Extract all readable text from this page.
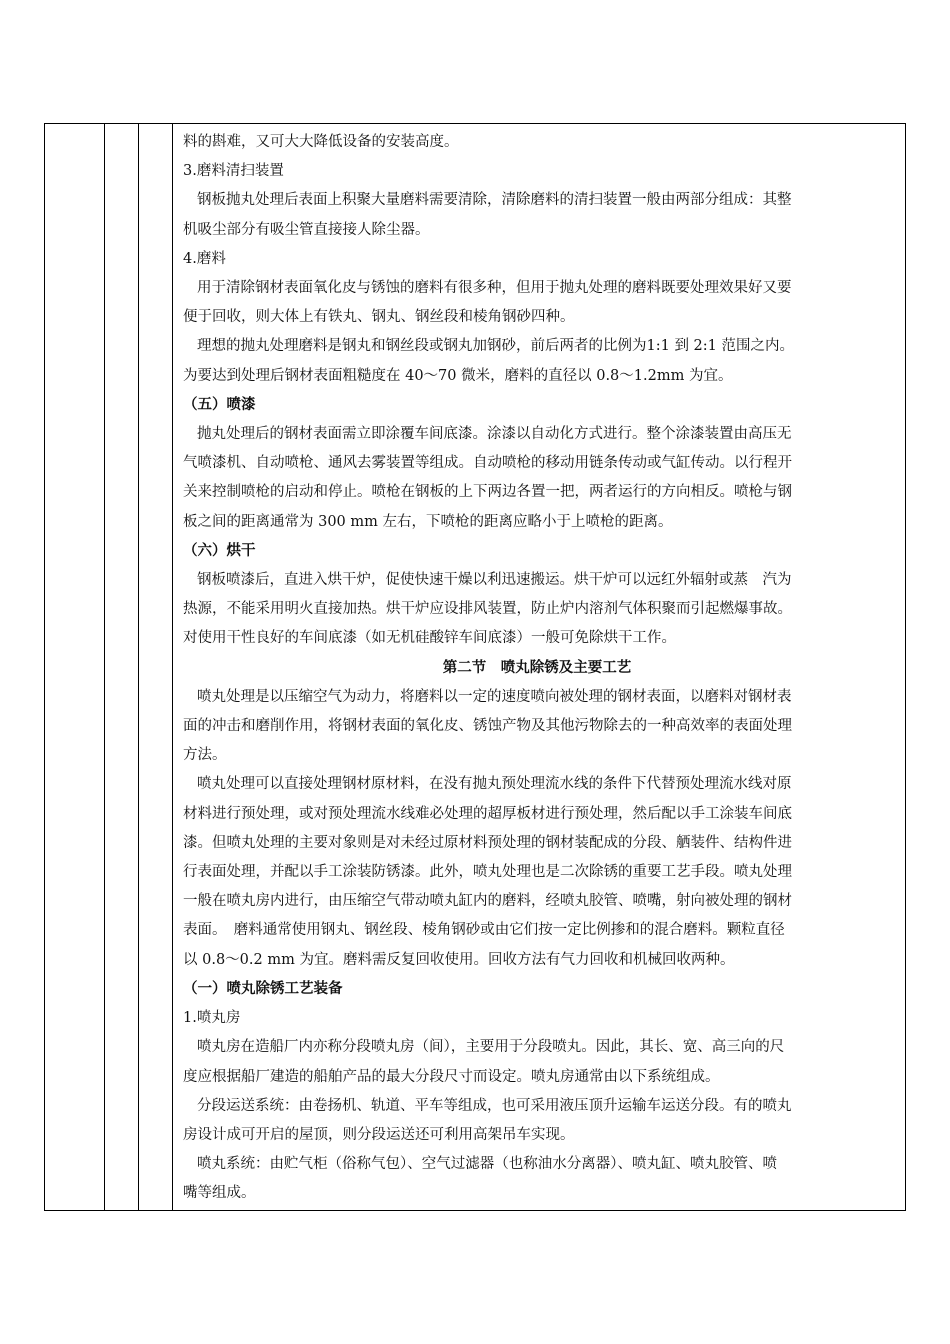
料的斟难，又可大大降低设备的安装高度。
3.磨料清扫装置
钢板抛丸处理后表面上积聚大量磨料需要清除，清除磨料的清扫装置一般由两部分组成：其整
机吸尘部分有吸尘管直接接人除尘器。
4.磨料
用于清除钢材表面氧化皮与锈蚀的磨料有很多种，但用于抛丸处理的磨料既要处理效果好又要
便于回收，则大体上有铁丸、钢丸、钢丝段和棱角钢砂四种。
理想的抛丸处理磨料是钢丸和钢丝段或钢丸加钢砂，前后两者的比例为1:1 到 2:1 范围之内。
为要达到处理后钢材表面粗糙度在 40～70 微米，磨料的直径以 0.8～1.2mm 为宜。
（五）喷漆
抛丸处理后的钢材表面需立即涂覆车间底漆。涂漆以自动化方式进行。整个涂漆装置由高压无
气喷漆机、自动喷枪、通风去雾装置等组成。自动喷枪的移动用链条传动或气缸传动。以行程开
关来控制喷枪的启动和停止。喷枪在钢板的上下两边各置一把，两者运行的方向相反。喷枪与钢
板之间的距离通常为 300 mm 左右，下喷枪的距离应略小于上喷枪的距离。
（六）烘干
钢板喷漆后，直进入烘干炉，促使快速干燥以利迅速搬运。烘干炉可以远红外辐射或蒸　汽为
热源，不能采用明火直接加热。烘干炉应设排风装置，防止炉内溶剂气体积聚而引起燃爆事故。
对使用干性良好的车间底漆（如无机硅酸锌车间底漆）一般可免除烘干工作。
第二节　喷丸除锈及主要工艺
喷丸处理是以压缩空气为动力，将磨料以一定的速度喷向被处理的钢材表面，以磨料对钢材表
面的冲击和磨削作用，将钢材表面的氧化皮、锈蚀产物及其他污物除去的一种高效率的表面处理
方法。
喷丸处理可以直接处理钢材原材料，在没有抛丸预处理流水线的条件下代替预处理流水线对原
材料进行预处理，或对预处理流水线难必处理的超厚板材进行预处理，然后配以手工涂装车间底
漆。但喷丸处理的主要对象则是对未经过原材料预处理的钢材装配成的分段、舾装件、结构件进
行表面处理，并配以手工涂装防锈漆。此外，喷丸处理也是二次除锈的重要工艺手段。喷丸处理
一般在喷丸房内进行，由压缩空气带动喷丸缸内的磨料，经喷丸胶管、喷嘴，射向被处理的钢材
表面。　磨料通常使用钢丸、钢丝段、棱角钢砂或由它们按一定比例掺和的混合磨料。颗粒直径
以 0.8～0.2 mm 为宜。磨料需反复回收使用。回收方法有气力回收和机械回收两种。
（一）喷丸除锈工艺装备
1.喷丸房
喷丸房在造船厂内亦称分段喷丸房（间），主要用于分段喷丸。因此，其长、宽、高三向的尺
度应根据船厂建造的船舶产品的最大分段尺寸而设定。喷丸房通常由以下系统组成。
分段运送系统：由卷扬机、轨道、平车等组成，也可采用液压顶升运输车运送分段。有的喷丸
房设计成可开启的屋顶，则分段运送还可利用高架吊车实现。
喷丸系统：由贮气柜（俗称气包）、空气过滤器（也称油水分离器）、喷丸缸、喷丸胶管、喷
嘴等组成。
